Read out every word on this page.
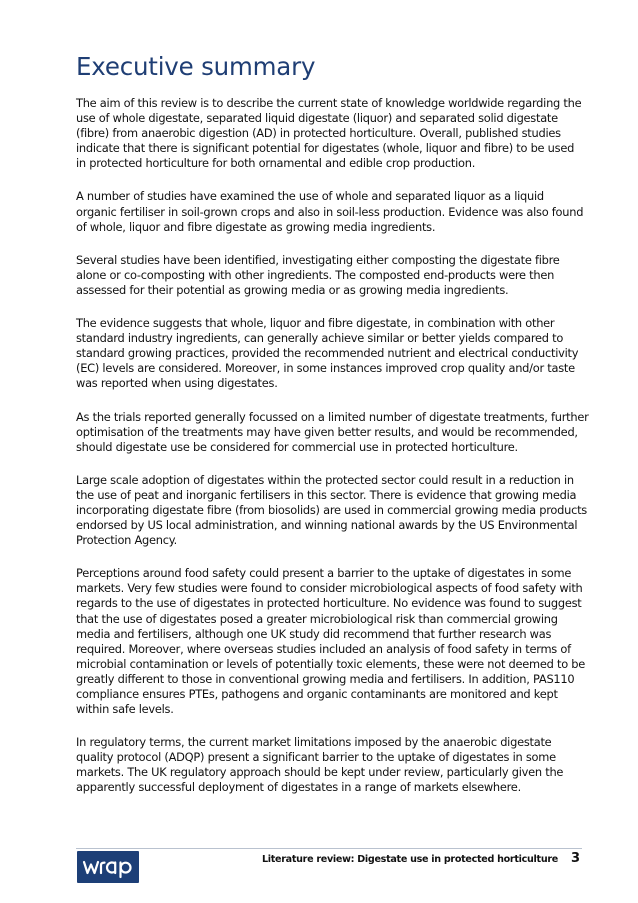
Executive summary

The aim of this review is to describe the current state of knowledge worldwide regarding the
use of whole digestate, separated liquid digestate (liquor) and separated solid digestate
(fibre) from anaerobic digestion (AD) in protected horticulture. Overall, published studies
indicate that there is significant potential for digestates (whole, liquor and fibre) to be used
in protected horticulture for both ornamental and edible crop production.

A number of studies have examined the use of whole and separated liquor as a liquid
organic fertiliser in soil-grown crops and also in soil-less production. Evidence was also found
of whole, liquor and fibre digestate as growing media ingredients.

Several studies have been identified, investigating either composting the digestate fibre
alone or co-composting with other ingredients. The composted end-products were then
assessed for their potential as growing media or as growing media ingredients.

The evidence suggests that whole, liquor and fibre digestate, in combination with other
standard industry ingredients, can generally achieve similar or better yields compared to
standard growing practices, provided the recommended nutrient and electrical conductivity
(EC) levels are considered. Moreover, in some instances improved crop quality and/or taste
was reported when using digestates.

As the trials reported generally focussed on a limited number of digestate treatments, further
optimisation of the treatments may have given better results, and would be recommended,
should digestate use be considered for commercial use in protected horticulture.

Large scale adoption of digestates within the protected sector could result in a reduction in
the use of peat and inorganic fertilisers in this sector. There is evidence that growing media
incorporating digestate fibre (from biosolids) are used in commercial growing media products
endorsed by US local administration, and winning national awards by the US Environmental
Protection Agency.

Perceptions around food safety could present a barrier to the uptake of digestates in some
markets. Very few studies were found to consider microbiological aspects of food safety with
regards to the use of digestates in protected horticulture. No evidence was found to suggest
that the use of digestates posed a greater microbiological risk than commercial growing
media and fertilisers, although one UK study did recommend that further research was
required. Moreover, where overseas studies included an analysis of food safety in terms of
microbial contamination or levels of potentially toxic elements, these were not deemed to be
greatly different to those in conventional growing media and fertilisers. In addition, PAS110
compliance ensures PTEs, pathogens and organic contaminants are monitored and kept
within safe levels.

In regulatory terms, the current market limitations imposed by the anaerobic digestate
quality protocol (ADQP) present a significant barrier to the uptake of digestates in some
markets. The UK regulatory approach should be kept under review, particularly given the
apparently successful deployment of digestates in a range of markets elsewhere.

Literature review: Digestate use in protected horticulture 3
